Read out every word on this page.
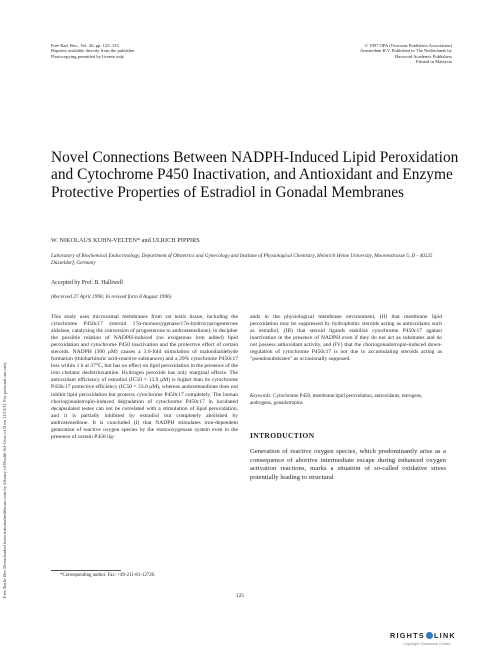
Free Rad. Res., Vol. 26, pp. 125–133
Reprints available directly from the publisher
Photocopying permitted by license only
© 1997 OPA (Overseas Publishers Association)
Amsterdam B.V. Published in The Netherlands by
Harwood Academic Publishers
Printed in Malaysia
Free Radic Res Downloaded from informahealthcare.com by Library of Health Sci-Univ of Il on 11/15/11 For personal use only.
Novel Connections Between NADPH-Induced Lipid Peroxidation and Cytochrome P450 Inactivation, and Antioxidant and Enzyme Protective Properties of Estradiol in Gonadal Membranes
W. NIKOLAUS KUHN-VELTEN* and ULRICH PIPPIRS
Laboratory of Biochemical Endocrinology, Department of Obstetrics and Gynecology and Institute of Physiological Chemistry, Heinrich Heine University, Moorenstrasse 5, D - 40225 Düsseldorf, Germany
Accepted by Prof. B. Halliwell
(Received 27 April 1996; In revised form 8 August 1996)

This study uses microsomal membranes from rat testis tissue, including the cytochrome P450c17 (steroid 17α-monooxygenase/17α-hydroxyprogesterone aldolase, catalyzing the conversion of progesterone to androstenedione), to decipher the possible relation of NADPH-induced (no exogenous iron added) lipid peroxidation and cytochrome P450 inactivation and the protective effect of certain steroids. NADPH (300 μM) causes a 3.6-fold stimulation of malondialdehyde formation (thiobarbituric acid-reactive substances) and a 29% cytochrome P450c17 loss within 1 h at 37°C, but has no effect on lipid peroxidation in the presence of the iron chelator desferrioxamine. Hydrogen peroxide has only marginal effects. The antioxidant efficiency of estradiol (IC50 = 13.9 μM) is higher than its cytochrome P450c17 protective efficiency (IC50 = 33.0 μM), whereas androstenedione does not inhibit lipid peroxidation but protects cytochrome P450c17 completely. The human choriogonadotropin-induced degradation of cytochrome P450c17 in incubated decapsulated testes can not be correlated with a stimulation of lipid peroxidation, and it is partially inhibited by estradiol but completely abolished by androstenedione. It is concluded (I) that NADPH stimulates iron-dependent generation of reactive oxygen species by the monooxygenase system even in the presence of certain P450 lig-

ands in the physiological membrane environment, (II) that membrane lipid peroxidation may be suppressed by hydrophobic steroids acting as antioxidants such as estradiol, (III) that steroid ligands stabilize cytochrome P450c17 against inactivation in the presence of NADPH even if they do not act as substrates and do not possess antioxidant activity, and (IV) that the choriogonadotropin-induced down-regulation of cytochrome P450c17 is not due to accumulating steroids acting as "pseudosubstrates" as occasionally supposed.

Keywords: Cytochrome P450, membrane lipid peroxidation, antioxidants, estrogens, androgens, gonadotropins
INTRODUCTION
Generation of reactive oxygen species, which predominantly arise as a consequence of abortive intermediate escape during enhanced oxygen activation reactions, marks a situation of so-called oxidative stress potentially leading to structural
*Corresponding author. Fax: +49-211-81-12726.
125
RIGHTS LINK
Copyright Clearance Center
